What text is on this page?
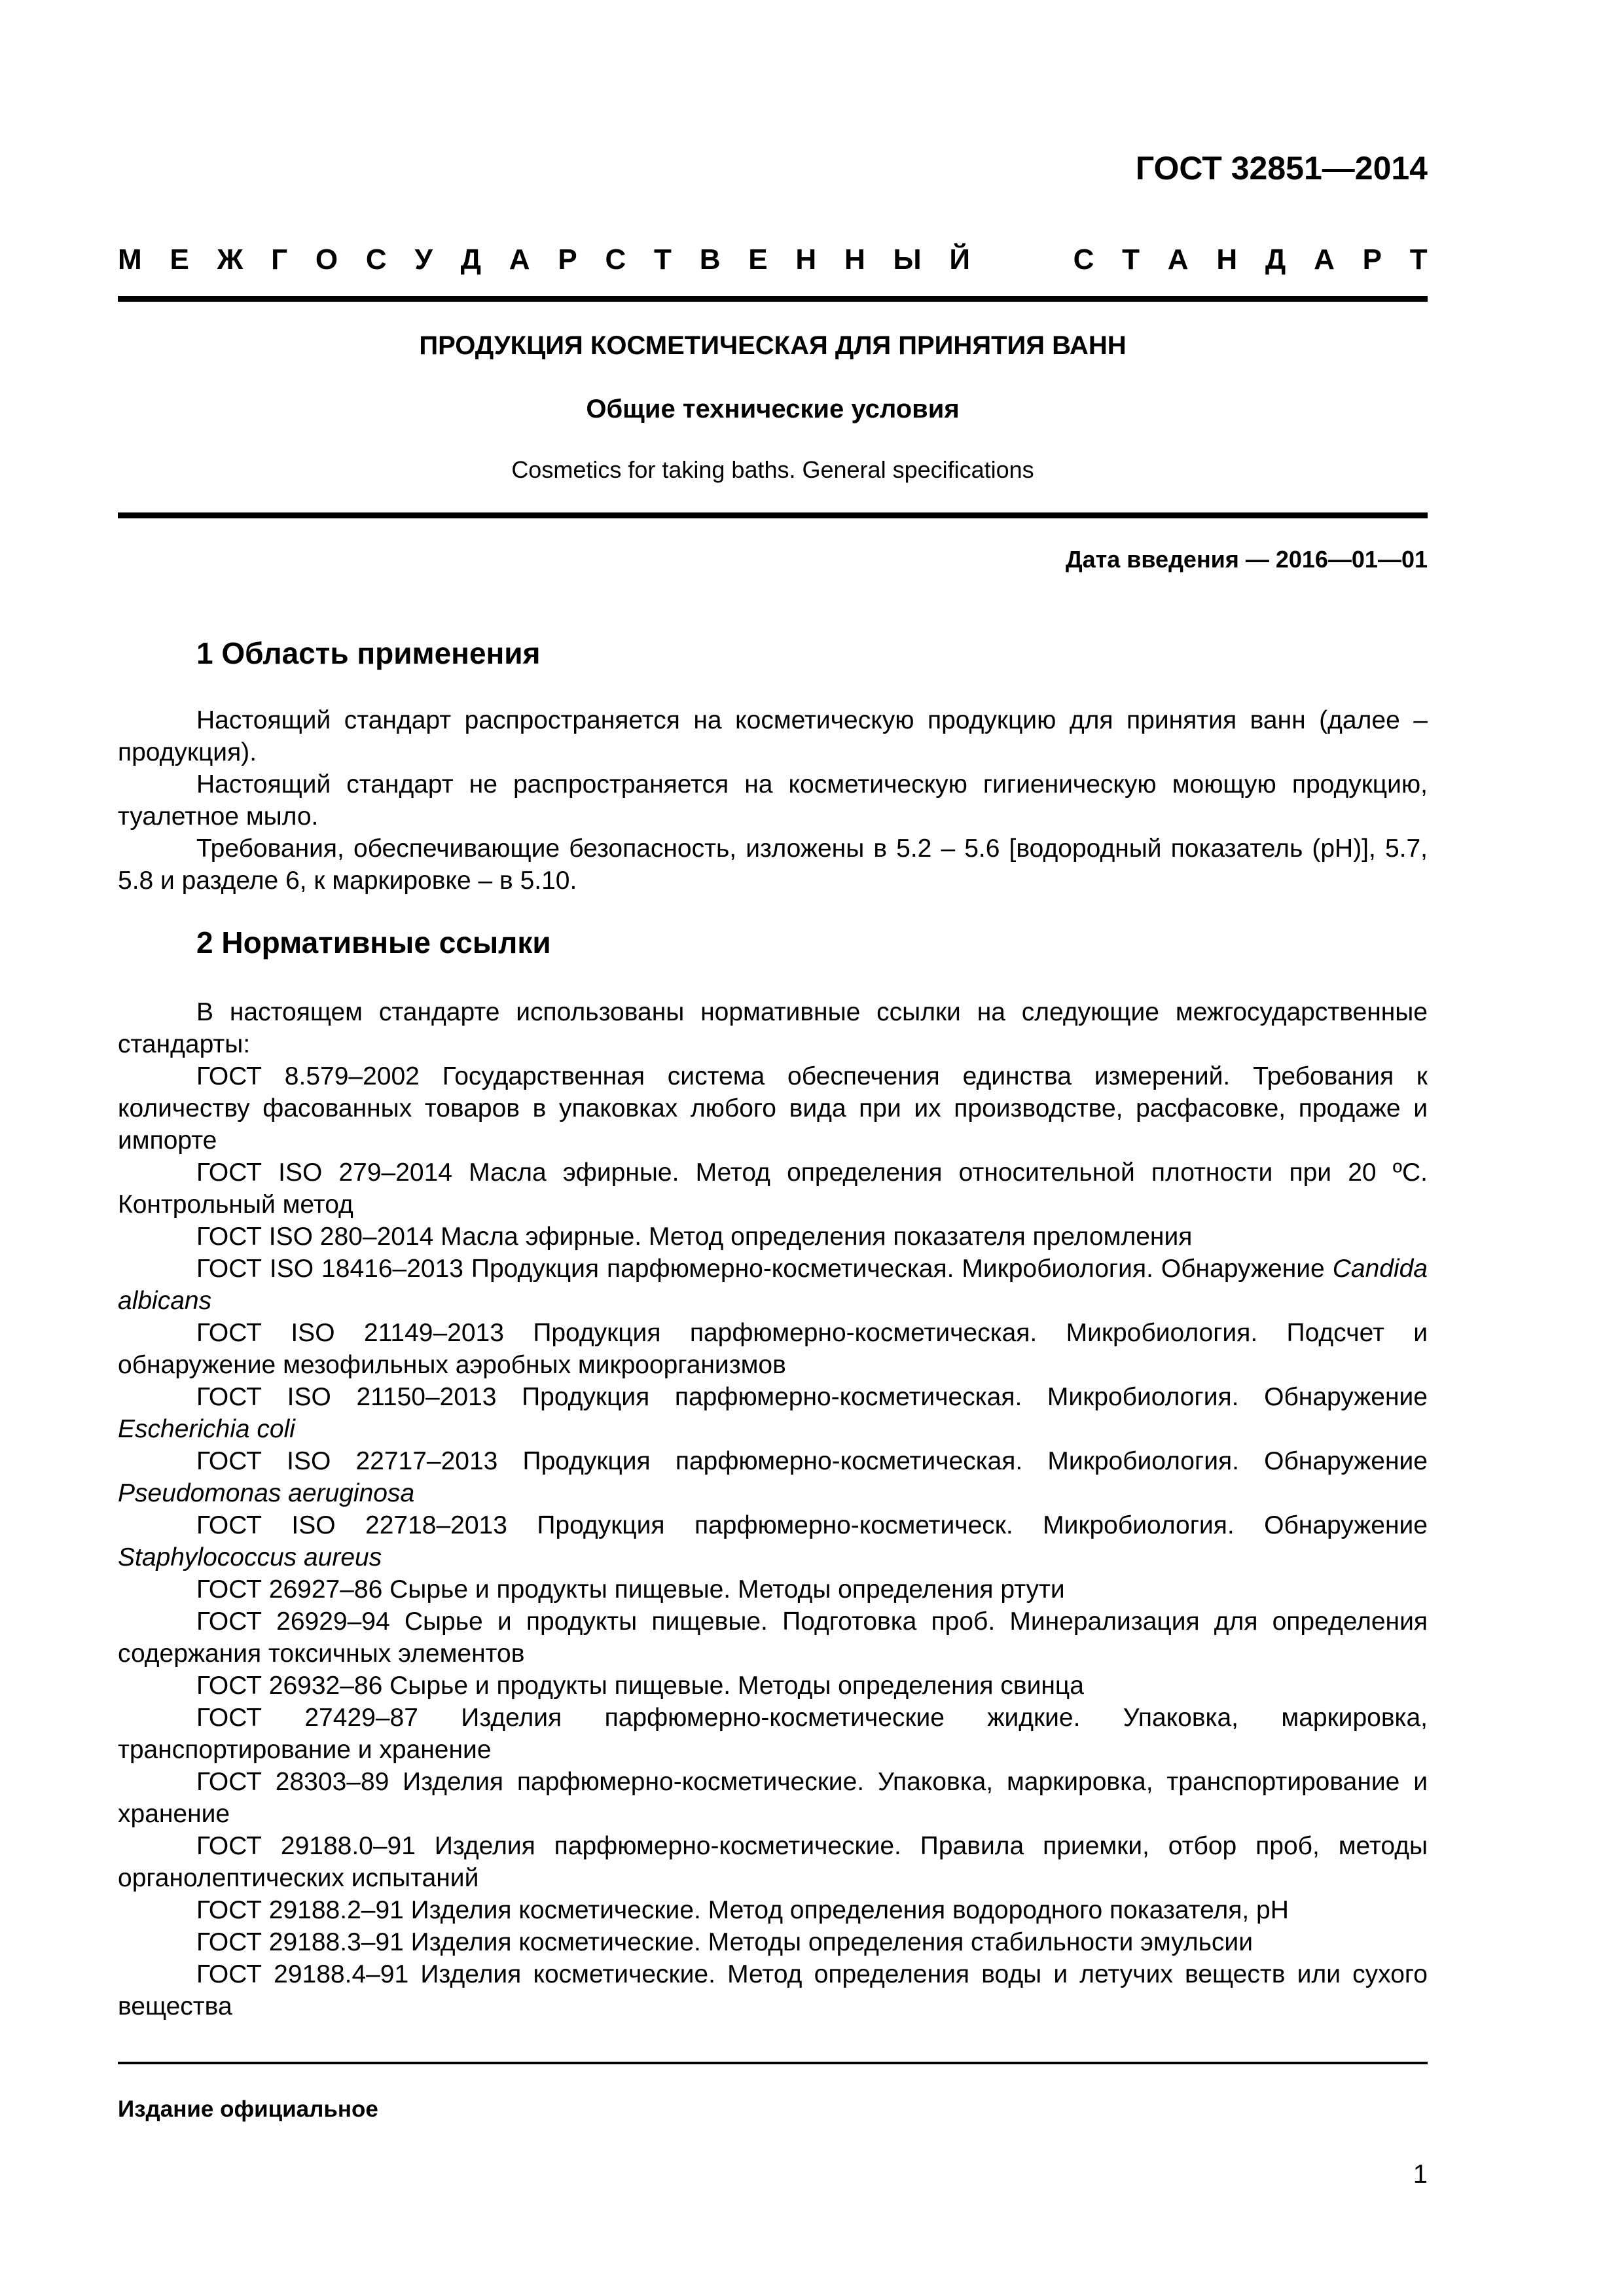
ГОСТ 32851—2014
М Е Ж Г О С У Д А Р С Т В Е Н Н Ы Й	С Т А Н Д А Р Т
ПРОДУКЦИЯ КОСМЕТИЧЕСКАЯ ДЛЯ ПРИНЯТИЯ ВАНН
Общие технические условия
Cosmetics for taking baths. General specifications
Дата введения — 2016—01—01
1 Область применения

Настоящий стандарт распространяется на косметическую продукцию для принятия ванн (далее – продукция).

Настоящий стандарт не распространяется на косметическую гигиеническую моющую продукцию, туалетное мыло.

Требования, обеспечивающие безопасность, изложены в 5.2 – 5.6 [водородный показатель (pH)], 5.7, 5.8 и разделе 6, к маркировке – в 5.10.

2 Нормативные ссылки

В настоящем стандарте использованы нормативные ссылки на следующие межгосударственные стандарты:

ГОСТ 8.579–2002 Государственная система обеспечения единства измерений. Требования к количеству фасованных товаров в упаковках любого вида при их производстве, расфасовке, продаже и импорте

ГОСТ ISO 279–2014 Масла эфирные. Метод определения относительной плотности при 20 ºС. Контрольный метод

ГОСТ ISO 280–2014 Масла эфирные. Метод определения показателя преломления

ГОСТ ISO 18416–2013 Продукция парфюмерно-косметическая. Микробиология. Обнаружение Candida albicans

ГОСТ ISO 21149–2013 Продукция парфюмерно-косметическая. Микробиология. Подсчет и обнаружение мезофильных аэробных микроорганизмов

ГОСТ ISO 21150–2013 Продукция парфюмерно-косметическая. Микробиология. Обнаружение Escherichia coli

ГОСТ ISO 22717–2013 Продукция парфюмерно-косметическая. Микробиология. Обнаружение Pseudomonas aeruginosa

ГОСТ ISO 22718–2013 Продукция парфюмерно-косметическ. Микробиология. Обнаружение Staphylococcus aureus

ГОСТ 26927–86 Сырье и продукты пищевые. Методы определения ртути

ГОСТ 26929–94 Сырье и продукты пищевые. Подготовка проб. Минерализация для определения содержания токсичных элементов

ГОСТ 26932–86 Сырье и продукты пищевые. Методы определения свинца

ГОСТ 27429–87 Изделия парфюмерно-косметические жидкие. Упаковка, маркировка, транспортирование и хранение

ГОСТ 28303–89 Изделия парфюмерно-косметические. Упаковка, маркировка, транспортирование и хранение

ГОСТ 29188.0–91 Изделия парфюмерно-косметические. Правила приемки, отбор проб, методы органолептических испытаний

ГОСТ 29188.2–91 Изделия косметические. Метод определения водородного показателя, pH

ГОСТ 29188.3–91 Изделия косметические. Методы определения стабильности эмульсии

ГОСТ 29188.4–91 Изделия косметические. Метод определения воды и летучих веществ или сухого вещества

Издание официальное
1
